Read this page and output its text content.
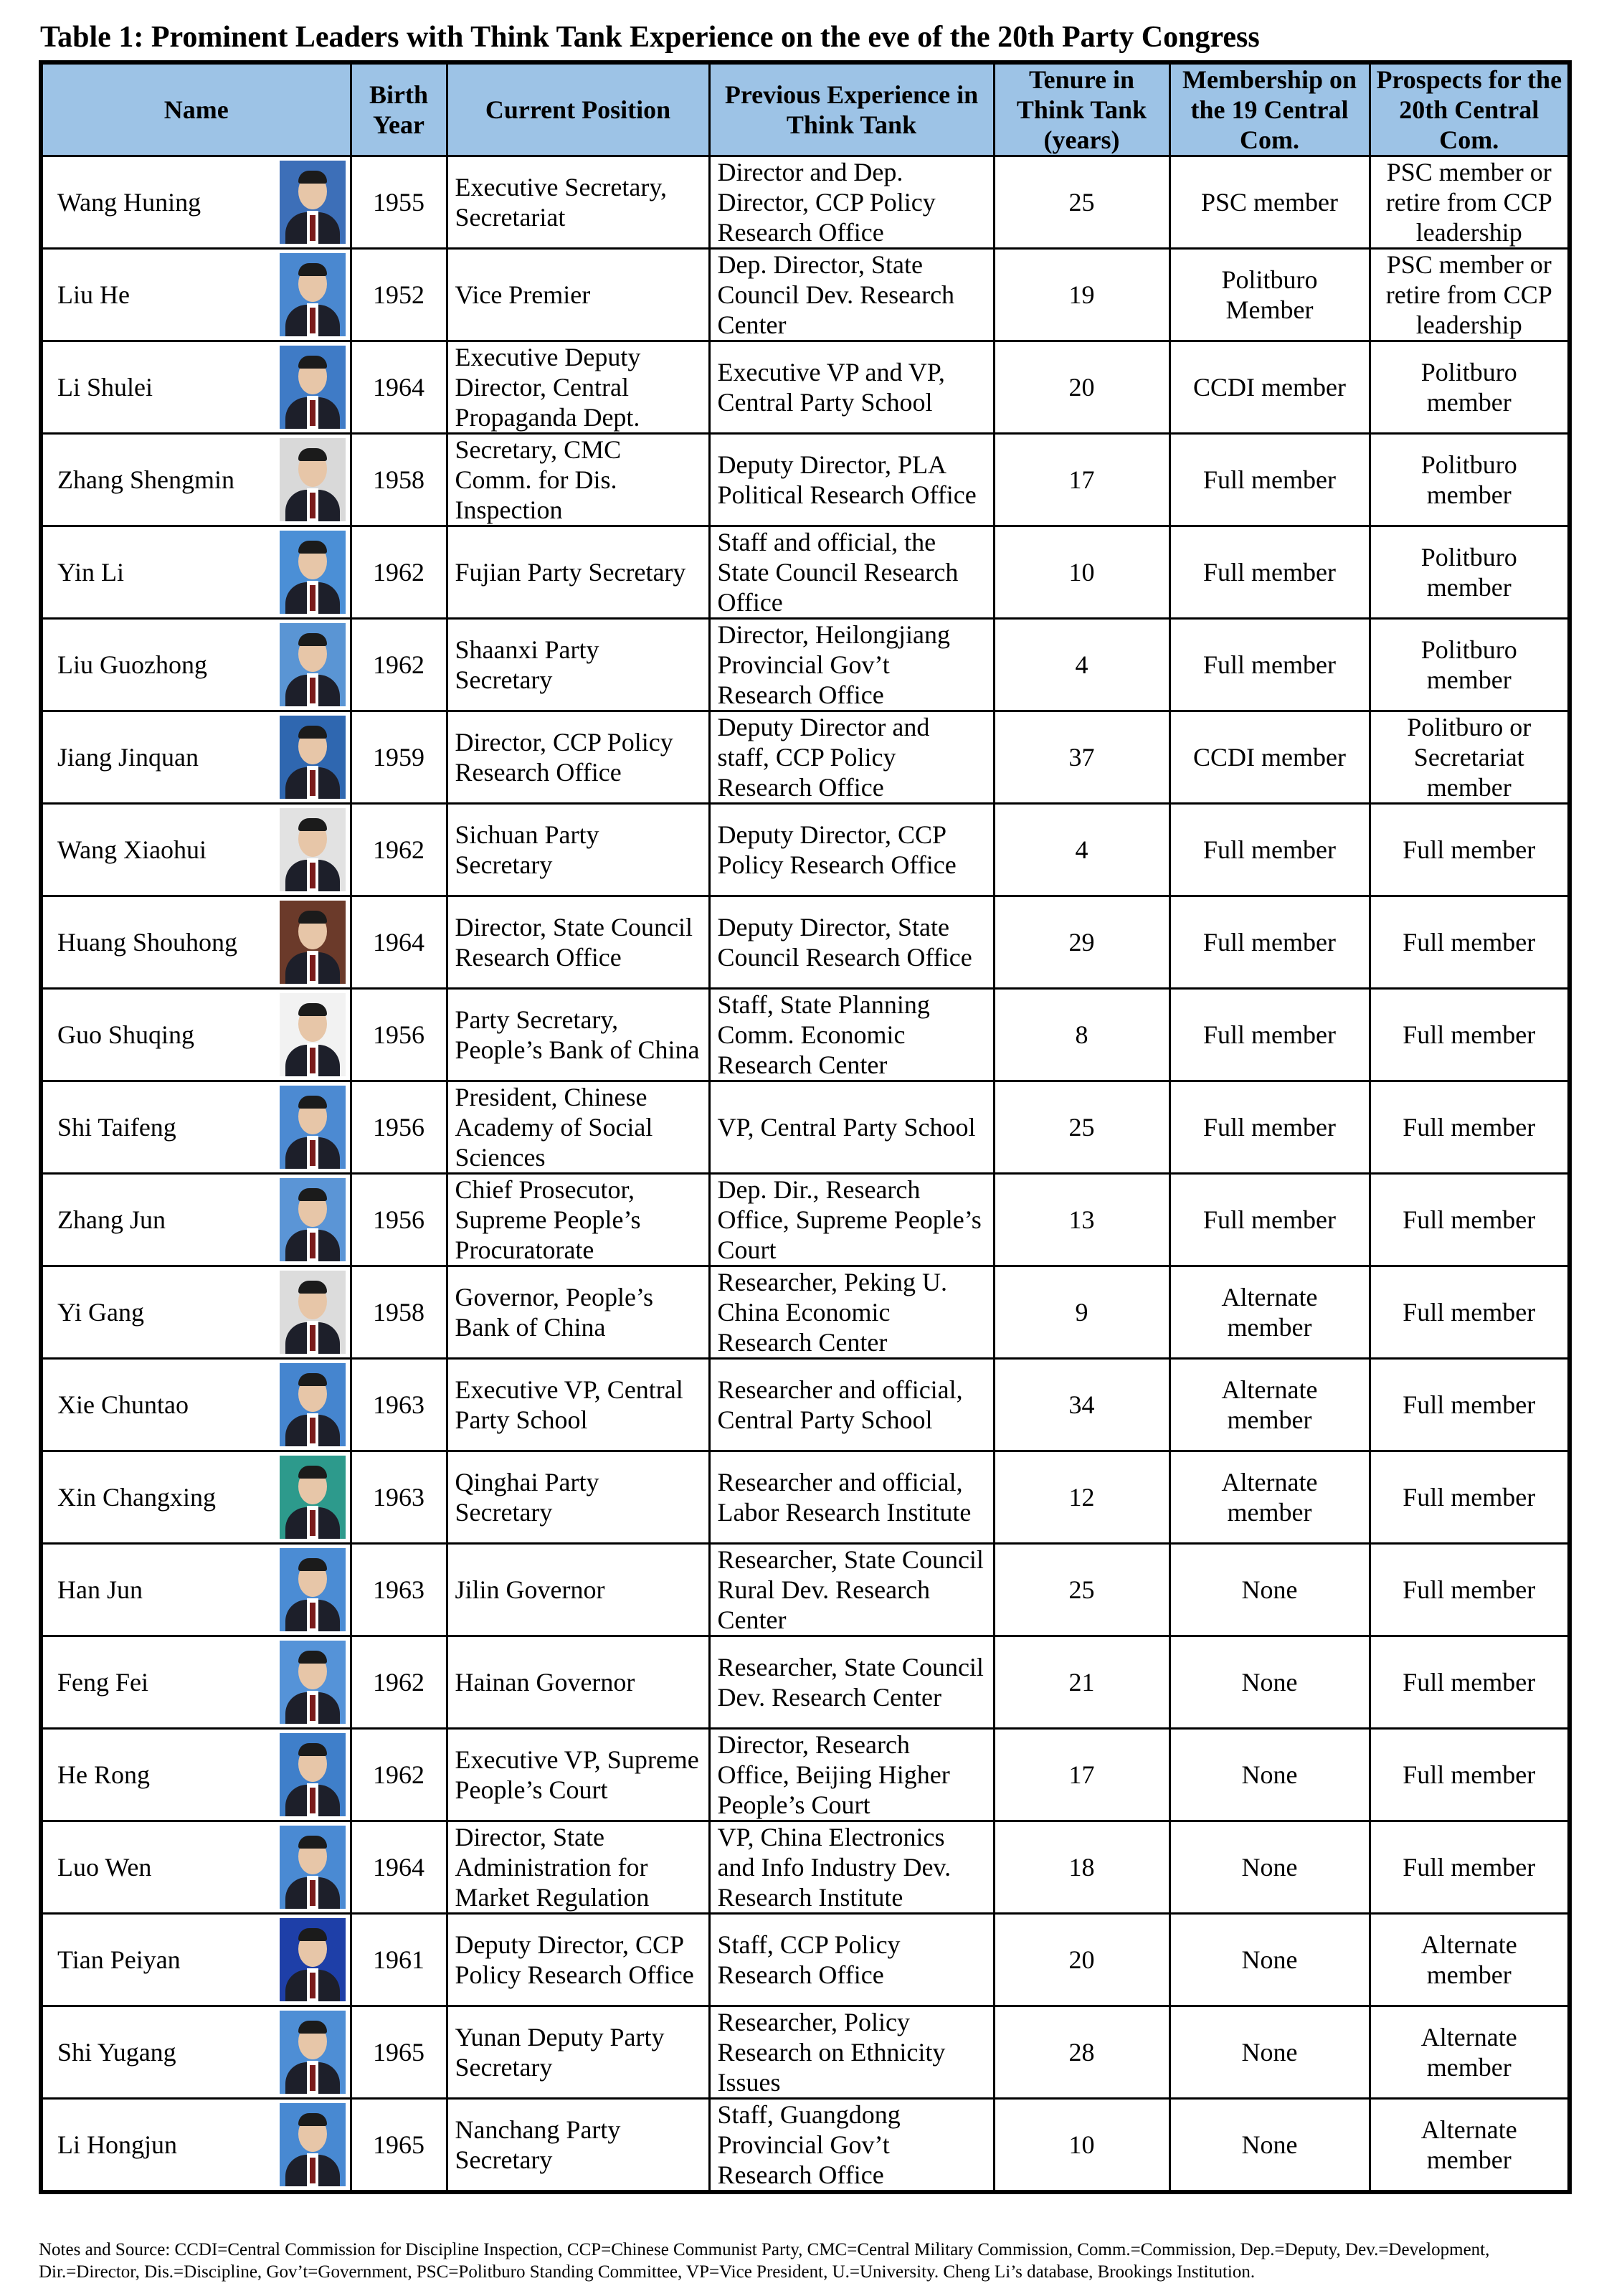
Table 1: Prominent Leaders with Think Tank Experience on the eve of the 20th Party Congress
Name	Birth Year	Current Position	Previous Experience in Think Tank	Tenure in Think Tank (years)	Membership on the 19 Central Com.	Prospects for the 20th Central Com.

Wang Huning	1955	Executive Secretary, Secretariat	Director and Dep. Director, CCP Policy Research Office	25	PSC member	PSC member or retire from CCP leadership

Liu He	1952	Vice Premier	Dep. Director, State Council Dev. Research Center	19	Politburo Member	PSC member or retire from CCP leadership

Li Shulei	1964	Executive Deputy Director, Central Propaganda Dept.	Executive VP and VP, Central Party School	20	CCDI member	Politburo member

Zhang Shengmin	1958	Secretary, CMC Comm. for Dis. Inspection	Deputy Director, PLA Political Research Office	17	Full member	Politburo member

Yin Li	1962	Fujian Party Secretary	Staff and official, the State Council Research Office	10	Full member	Politburo member

Liu Guozhong	1962	Shaanxi Party Secretary	Director, Heilongjiang Provincial Gov’t Research Office	4	Full member	Politburo member

Jiang Jinquan	1959	Director, CCP Policy Research Office	Deputy Director and staff, CCP Policy Research Office	37	CCDI member	Politburo or Secretariat member

Wang Xiaohui	1962	Sichuan Party Secretary	Deputy Director, CCP Policy Research Office	4	Full member	Full member

Huang Shouhong	1964	Director, State Council Research Office	Deputy Director, State Council Research Office	29	Full member	Full member

Guo Shuqing	1956	Party Secretary, People’s Bank of China	Staff, State Planning Comm. Economic Research Center	8	Full member	Full member

Shi Taifeng	1956	President, Chinese Academy of Social Sciences	VP, Central Party School	25	Full member	Full member

Zhang Jun	1956	Chief Prosecutor, Supreme People’s Procuratorate	Dep. Dir., Research Office, Supreme People’s Court	13	Full member	Full member

Yi Gang	1958	Governor, People’s Bank of China	Researcher, Peking U. China Economic Research Center	9	Alternate member	Full member

Xie Chuntao	1963	Executive VP, Central Party School	Researcher and official, Central Party School	34	Alternate member	Full member

Xin Changxing	1963	Qinghai Party Secretary	Researcher and official, Labor Research Institute	12	Alternate member	Full member

Han Jun	1963	Jilin Governor	Researcher, State Council Rural Dev. Research Center	25	None	Full member

Feng Fei	1962	Hainan Governor	Researcher, State Council Dev. Research Center	21	None	Full member

He Rong	1962	Executive VP, Supreme People’s Court	Director, Research Office, Beijing Higher People’s Court	17	None	Full member

Luo Wen	1964	Director, State Administration for Market Regulation	VP, China Electronics and Info Industry Dev. Research Institute	18	None	Full member

Tian Peiyan	1961	Deputy Director, CCP Policy Research Office	Staff, CCP Policy Research Office	20	None	Alternate member

Shi Yugang	1965	Yunan Deputy Party Secretary	Researcher, Policy Research on Ethnicity Issues	28	None	Alternate member

Li Hongjun	1965	Nanchang Party Secretary	Staff, Guangdong Provincial Gov’t Research Office	10	None	Alternate member
Notes and Source: CCDI=Central Commission for Discipline Inspection, CCP=Chinese Communist Party, CMC=Central Military Commission, Comm.=Commission, Dep.=Deputy, Dev.=Development, Dir.=Director, Dis.=Discipline, Gov’t=Government, PSC=Politburo Standing Committee, VP=Vice President, U.=University. Cheng Li’s database, Brookings Institution.
